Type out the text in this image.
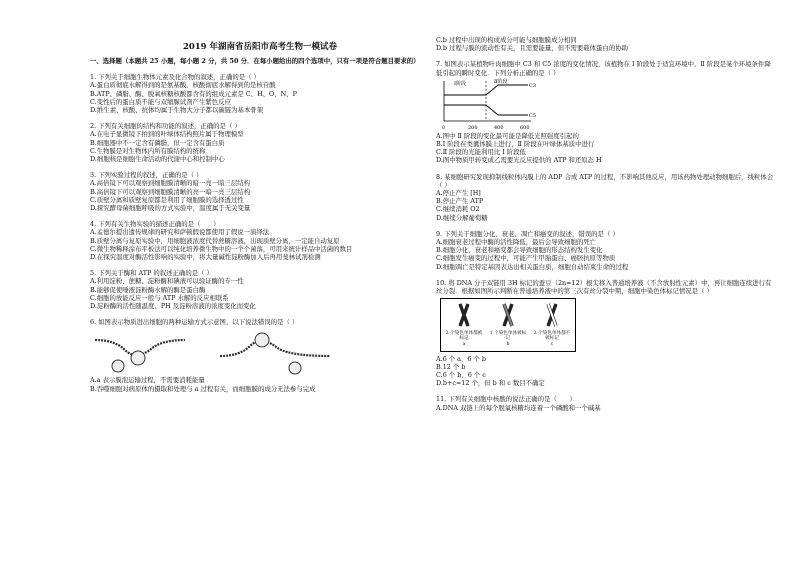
2019 年湖南省岳阳市高考生物一模试卷
一、选择题（本题共 25 小题，每小题 2 分，共 50 分．在每小题给出的四个选项中，只有一项是符合题目要求的）
1. 下列关于细胞生物体元素及化合物的叙述，正确的是（ ）
A.蛋白质彻底水解得到的是氨基酸，核酸彻底水解得到的是核苷酸
B.ATP、磷脂、酶、脱氧核糖核酸都含有的组成元素是 C、H、O、N、P
C.变性后的蛋白质不能与双缩脲试剂产生紫色反应
D.维生素、核酸、抗体均属于生物大分子都以碳链为基本骨架
2. 下列有关细胞的结构和功能的叙述，正确的是（ ）
A.在电子显微镜下拍到的叶绿体结构照片属于物理模型
B.细胞器中不一定含有磷脂，但一定含有蛋白质
C.生物膜是对生物体内所有膜结构的统称
D.细胞核是细胞生命活动的代谢中心和控制中心
3. 下列实验过程的叙述，正确的是（ ）
A.高倍镜下可以观察到细胞膜清晰的暗一亮一暗三层结构
B.高倍镜下可以观察到细胞膜清晰的亮一暗一亮三层结构
C.质壁分离和质壁复原都是利用了细胞膜的选择透过性
D.探究酵母菌细胞呼吸的方式实验中，温度属于无关变量
4. 下列有关生物实验的描述正确的是（　　）
A.孟德尔提出遗传规律的研究和萨顿假说都使用了假说一演绎法
B.质壁分离与复原实验中，用细胞液浓度代替蔗糖溶液，出现质壁分离，一定能自动复原
C.微生物稀释涂布平板法可以纯化培养微生物中的一个个菌落，可用来统计样品中活菌的数目
D.在探究温度对酶活性影响的实验中，将大量碱性淀粉酶加入后再用斐林试剂检测
5. 下列关于酶和 ATP 的叙述正确的是（ ）
A.利用淀粉、蔗糖、淀粉酶和碘液可以验证酶的专一性
B.能够促使唾液淀粉酶水解的酶是蛋白酶
C.细胞的放能反应一般与 ATP 水解的反应相联系
D.淀粉酶的活性随温度、PH 及淀粉溶液的浓度变化而变化
6. 如图表示物质进出细胞的两种运输方式示意图，以下说法错误的是（ ）
A.a 表示膜泡运输过程，不需要消耗能量
B.吞噬细胞对病原体的摄取和处理与 a 过程有关，而细胞膜的成分无法参与完成
C.b 过程中出现的构成成分可能与细胞膜成分相同
D.b 过程与膜的流动性有关，且需要能量，但不需要载体蛋白的协助
7. 如图表示某植物叶肉细胞中 C3 和 C5 浓度的变化情况，该植物在 Ⅰ 阶段处于适宜环境中，Ⅱ 阶段是某个环境条件降低引起的瞬时变化．下列分析正确的是（ ）
Ⅰ阶段	Ⅱ阶段
0	200	400	600
C3
C5
A.图中 Ⅱ 阶段的变化最可能是降低光照强度引起的
B.Ⅰ 阶段在类囊体膜上进行，Ⅱ 阶段在叶绿体基质中进行
C.Ⅱ 阶段的光能利用比 Ⅰ 阶段低
D.图中物质甲转变成乙需要光反应提供的 ATP 和还原态 H
8. 某细胞研究发现抑制线粒体内膜上的 ADP 合成 ATP 的过程，不影响其他反应，用该药物处理动物细胞后，线粒体会（ ）
A.停止产生 [H]
B.停止产生 ATP
C.继续消耗 O2
D.继续分解葡萄糖
9. 下列关于细胞分化、衰老、凋亡和癌变的叙述，错误的是（ ）
A.细胞衰老过程中酶的活性降低，最后会导致细胞的死亡
B.细胞分化、衰老和癌变都会导致细胞的形态结构发生变化
C.细胞发生癌变的过程中，可能产生甲胎蛋白、癌胚抗原等物质
D.细胞凋亡是特定基因表达出相关蛋白质，细胞自动结束生命的过程
10. 将 DNA 分子双链用 3H 标记的蚕豆（2n=12）根尖移入普通培养液（不含放射性元素）中，再让细胞连续进行有丝分裂．根据如图所示判断在普通培养液中的第三次有丝分裂中期，细胞中染色体标记情况是（ ）
2 个染色单体都被标记
a
1 个染色单体被标记
b
2 个染色单体都不被标记
c
A.6 个 a，6 个 b
B.12 个 b
C.6 个 b，6 个 c
D.b+c=12 个，但 b 和 c 数目不确定
11. 下列有关细胞中核酸的说法正确的是（　　）
A.DNA 双链上的每个脱氧核糖均连着一个磷酸和一个碱基
